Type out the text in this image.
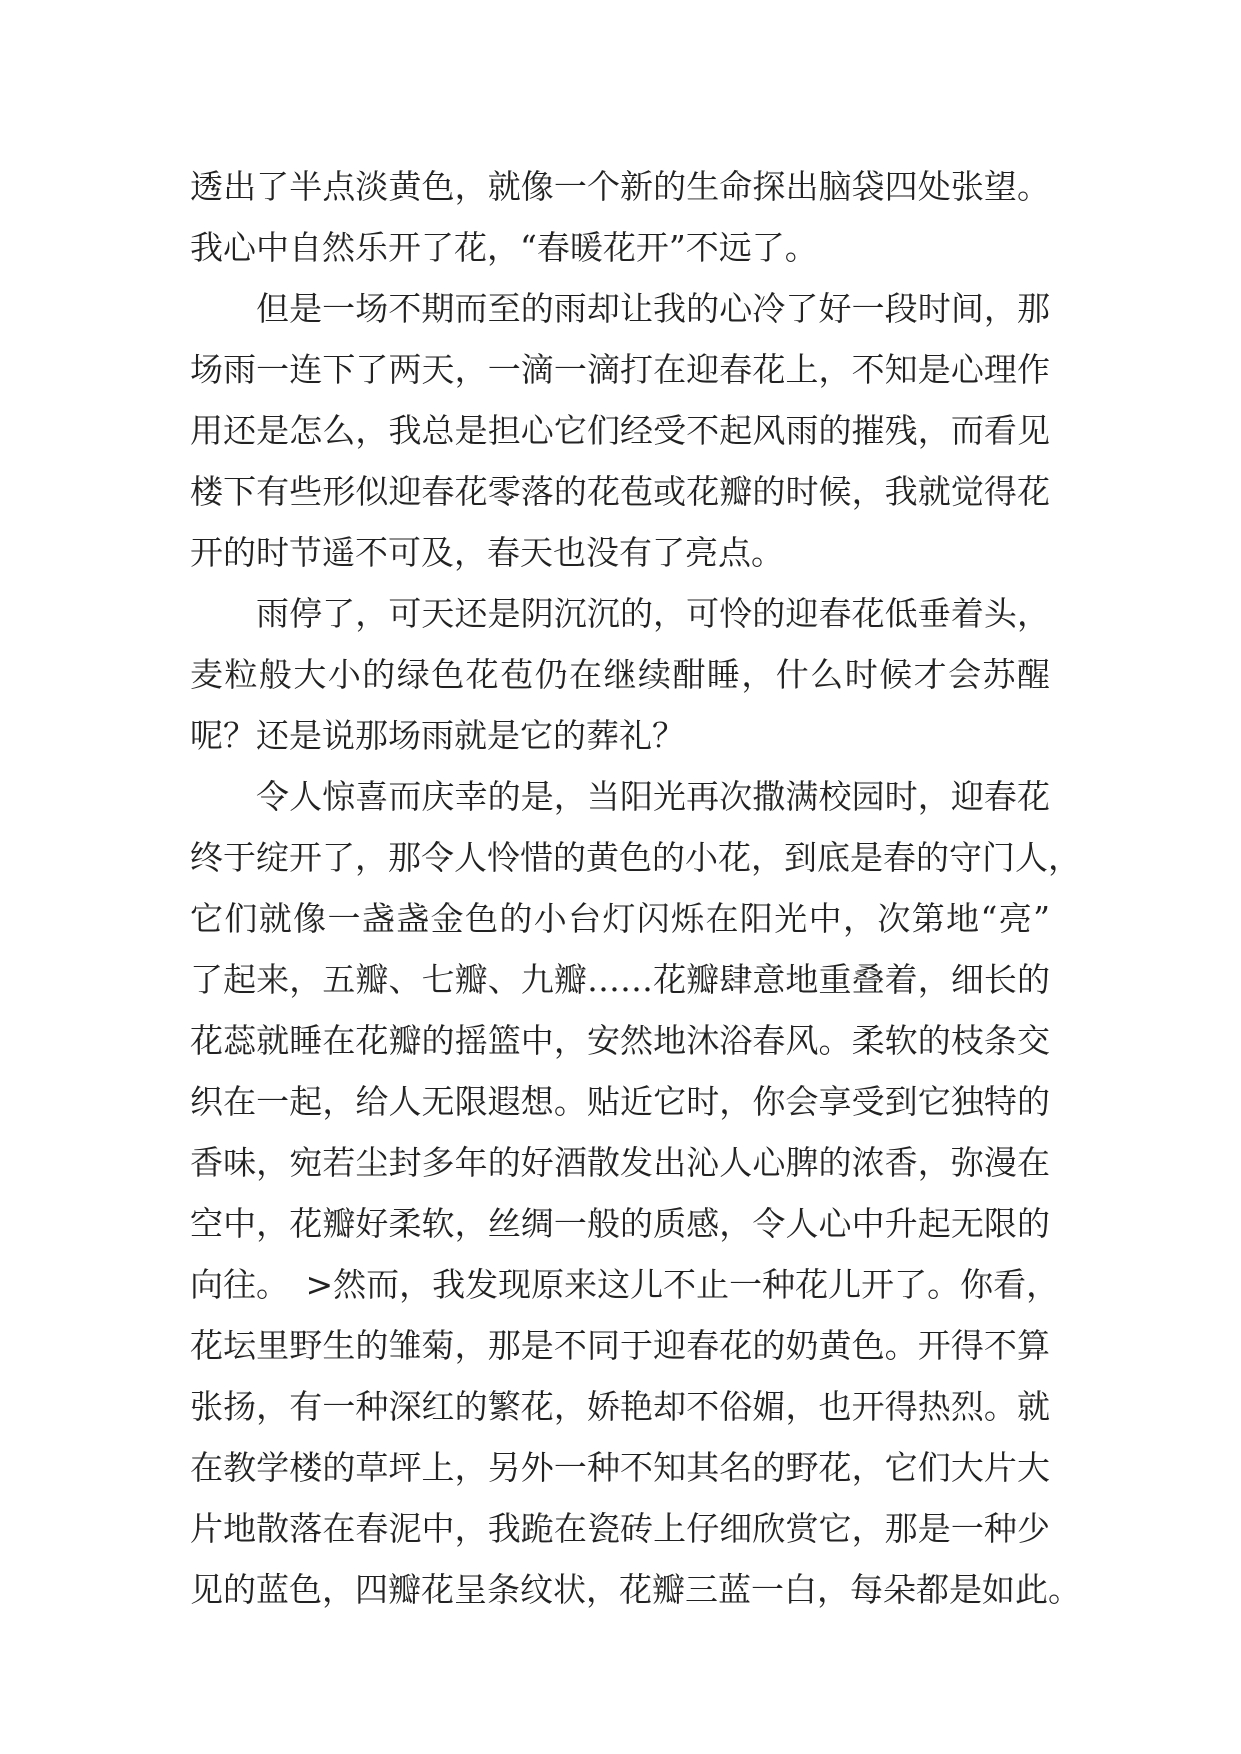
透出了半点淡黄色，就像一个新的生命探出脑袋四处张望。
我心中自然乐开了花，“春暖花开”不远了。
但是一场不期而至的雨却让我的心冷了好一段时间，那
场雨一连下了两天，一滴一滴打在迎春花上，不知是心理作
用还是怎么，我总是担心它们经受不起风雨的摧残，而看见
楼下有些形似迎春花零落的花苞或花瓣的时候，我就觉得花
开的时节遥不可及，春天也没有了亮点。
雨停了，可天还是阴沉沉的，可怜的迎春花低垂着头，
麦粒般大小的绿色花苞仍在继续酣睡，什么时候才会苏醒
呢？还是说那场雨就是它的葬礼？
令人惊喜而庆幸的是，当阳光再次撒满校园时，迎春花
终于绽开了，那令人怜惜的黄色的小花，到底是春的守门人，
它们就像一盏盏金色的小台灯闪烁在阳光中，次第地“亮”
了起来，五瓣、七瓣、九瓣……花瓣肆意地重叠着，细长的
花蕊就睡在花瓣的摇篮中，安然地沐浴春风。柔软的枝条交
织在一起，给人无限遐想。贴近它时，你会享受到它独特的
香味，宛若尘封多年的好酒散发出沁人心脾的浓香，弥漫在
空中，花瓣好柔软，丝绸一般的质感，令人心中升起无限的
向往。　>然而，我发现原来这儿不止一种花儿开了。你看，
花坛里野生的雏菊，那是不同于迎春花的奶黄色。开得不算
张扬，有一种深红的繁花，娇艳却不俗媚，也开得热烈。就
在教学楼的草坪上，另外一种不知其名的野花，它们大片大
片地散落在春泥中，我跪在瓷砖上仔细欣赏它，那是一种少
见的蓝色，四瓣花呈条纹状，花瓣三蓝一白，每朵都是如此。
